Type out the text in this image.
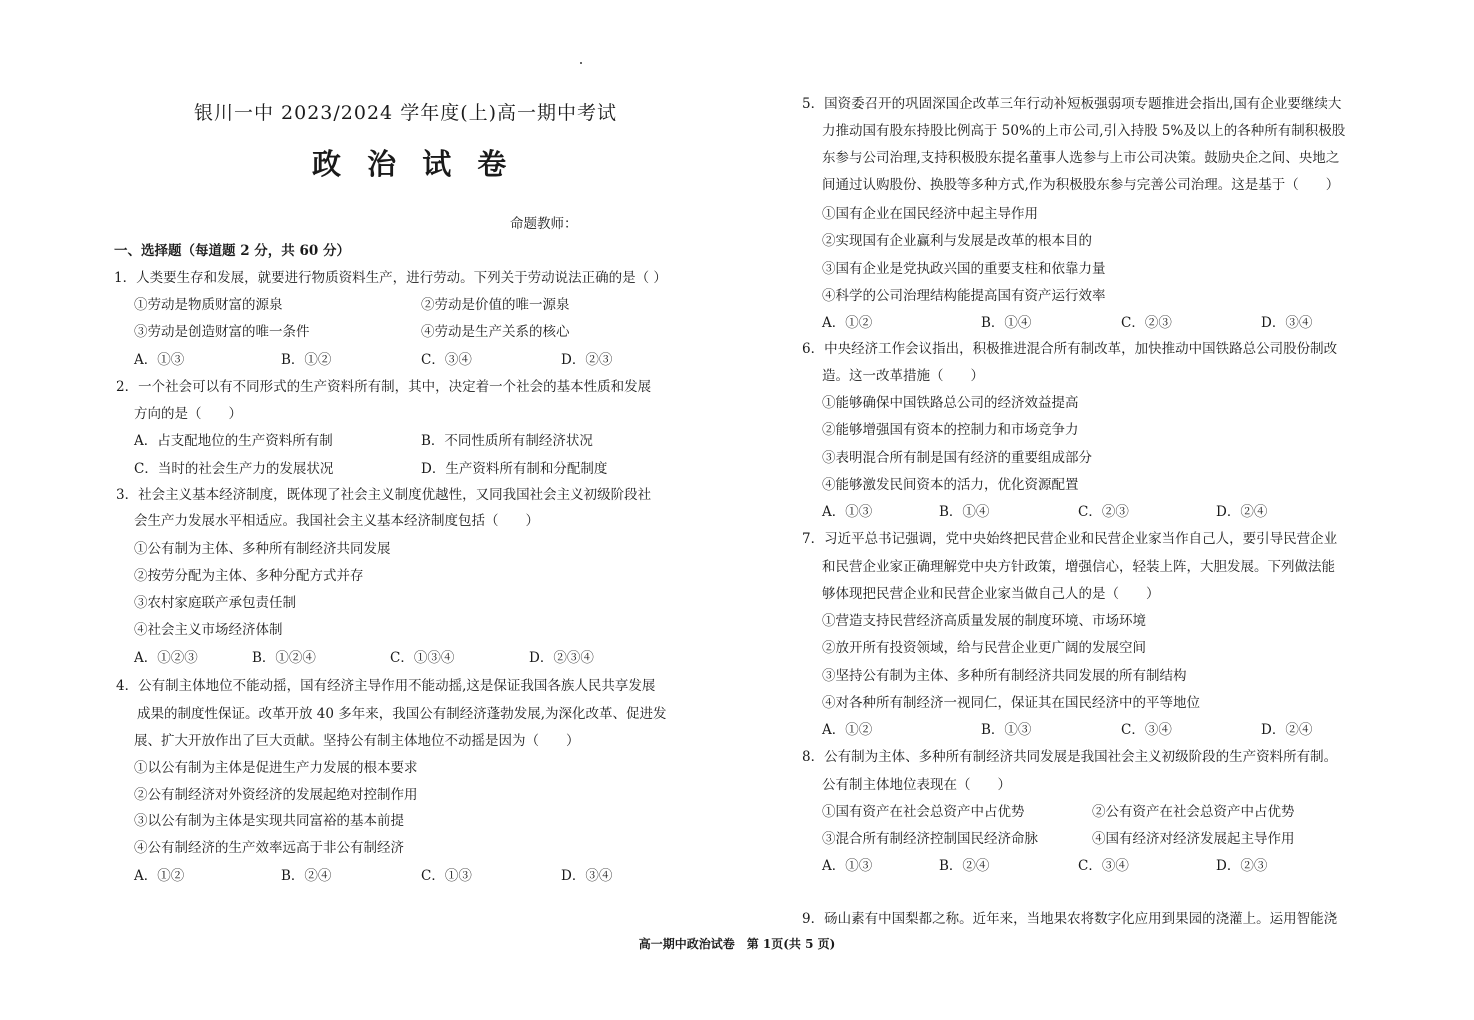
银川一中 2023/2024 学年度(上)高一期中考试
政 治 试 卷
命题教师：
一、选择题（每道题 2 分，共 60 分）
1．人类要生存和发展，就要进行物质资料生产，进行劳动。下列关于劳动说法正确的是（ ）
①劳动是物质财富的源泉	②劳动是价值的唯一源泉
③劳动是创造财富的唯一条件	④劳动是生产关系的核心
A．①③	B．①②	C．③④	D．②③
2．一个社会可以有不同形式的生产资料所有制，其中，决定着一个社会的基本性质和发展
方向的是（　　）
A．占支配地位的生产资料所有制	B．不同性质所有制经济状况
C．当时的社会生产力的发展状况	D．生产资料所有制和分配制度
3．社会主义基本经济制度，既体现了社会主义制度优越性，又同我国社会主义初级阶段社
会生产力发展水平相适应。我国社会主义基本经济制度包括（　　）
①公有制为主体、多种所有制经济共同发展
②按劳分配为主体、多种分配方式并存
③农村家庭联产承包责任制
④社会主义市场经济体制
A．①②③	B．①②④	C．①③④	D．②③④
4．公有制主体地位不能动摇，国有经济主导作用不能动摇,这是保证我国各族人民共享发展
成果的制度性保证。改革开放 40 多年来，我国公有制经济蓬勃发展,为深化改革、促进发
展、扩大开放作出了巨大贡献。坚持公有制主体地位不动摇是因为（　　）
①以公有制为主体是促进生产力发展的根本要求
②公有制经济对外资经济的发展起绝对控制作用
③以公有制为主体是实现共同富裕的基本前提
④公有制经济的生产效率远高于非公有制经济
A．①②	B．②④	C．①③	D．③④
5．国资委召开的巩固深国企改革三年行动补短板强弱项专题推进会指出,国有企业要继续大
力推动国有股东持股比例高于 50%的上市公司,引入持股 5%及以上的各种所有制积极股
东参与公司治理,支持积极股东提名董事人选参与上市公司决策。鼓励央企之间、央地之
间通过认购股份、换股等多种方式,作为积极股东参与完善公司治理。这是基于（　　）
①国有企业在国民经济中起主导作用
②实现国有企业赢利与发展是改革的根本目的
③国有企业是党执政兴国的重要支柱和依靠力量
④科学的公司治理结构能提高国有资产运行效率
A．①②	B．①④	C．②③	D．③④
6．中央经济工作会议指出，积极推进混合所有制改革，加快推动中国铁路总公司股份制改
造。这一改革措施（　　）
①能够确保中国铁路总公司的经济效益提高
②能够增强国有资本的控制力和市场竞争力
③表明混合所有制是国有经济的重要组成部分
④能够激发民间资本的活力，优化资源配置
A．①③	B．①④	C．②③	D．②④
7．习近平总书记强调，党中央始终把民营企业和民营企业家当作自己人，要引导民营企业
和民营企业家正确理解党中央方针政策，增强信心，轻装上阵，大胆发展。下列做法能
够体现把民营企业和民营企业家当做自己人的是（　　）
①营造支持民营经济高质量发展的制度环境、市场环境
②放开所有投资领域，给与民营企业更广阔的发展空间
③坚持公有制为主体、多种所有制经济共同发展的所有制结构
④对各种所有制经济一视同仁，保证其在国民经济中的平等地位
A．①②	B．①③	C．③④	D．②④
8．公有制为主体、多种所有制经济共同发展是我国社会主义初级阶段的生产资料所有制。
公有制主体地位表现在（　　）
①国有资产在社会总资产中占优势	②公有资产在社会总资产中占优势
③混合所有制经济控制国民经济命脉	④国有经济对经济发展起主导作用
A．①③	B．②④	C．③④	D．②③
9．砀山素有中国梨都之称。近年来，当地果农将数字化应用到果园的浇灌上。运用智能浇
高一期中政治试卷　第 1页(共 5 页)
